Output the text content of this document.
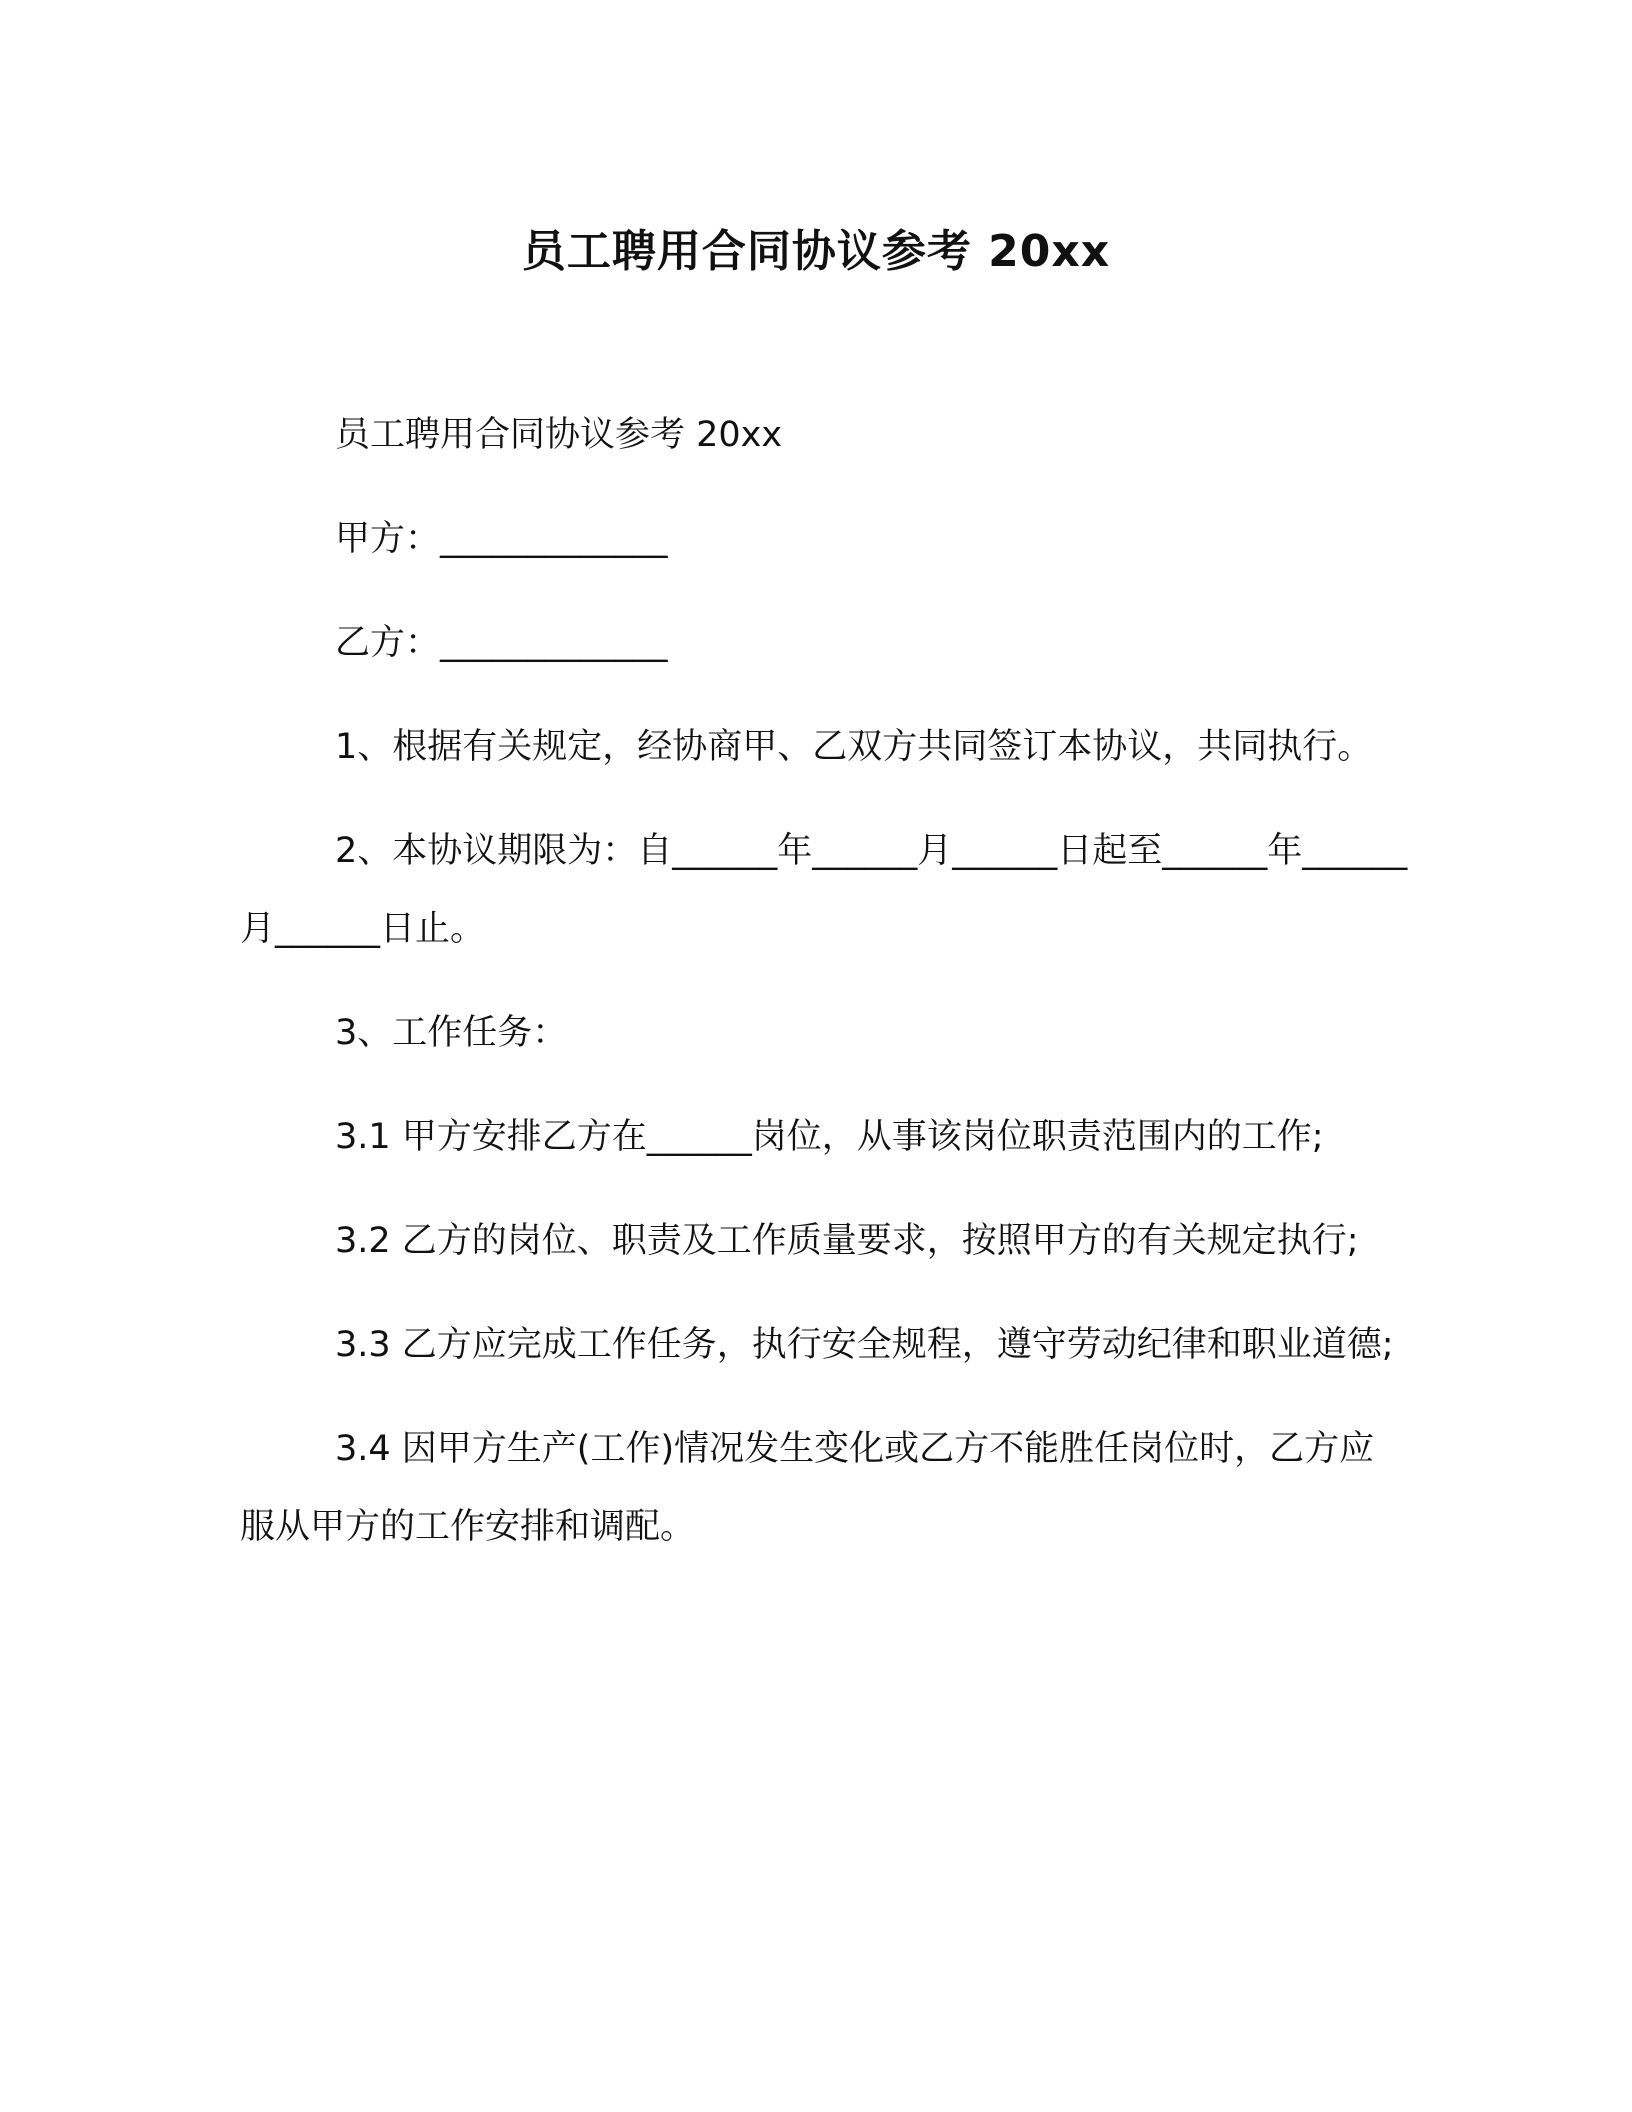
员工聘用合同协议参考 20xx

员工聘用合同协议参考 20xx

甲方：_____________

乙方：_____________

1、根据有关规定，经协商甲、乙双方共同签订本协议，共同执行。

2、本协议期限为：自______年______月______日起至______年______月______日止。

3、工作任务：

3.1 甲方安排乙方在______岗位，从事该岗位职责范围内的工作;

3.2 乙方的岗位、职责及工作质量要求，按照甲方的有关规定执行;

3.3 乙方应完成工作任务，执行安全规程，遵守劳动纪律和职业道德;

3.4 因甲方生产(工作)情况发生变化或乙方不能胜任岗位时，乙方应服从甲方的工作安排和调配。
